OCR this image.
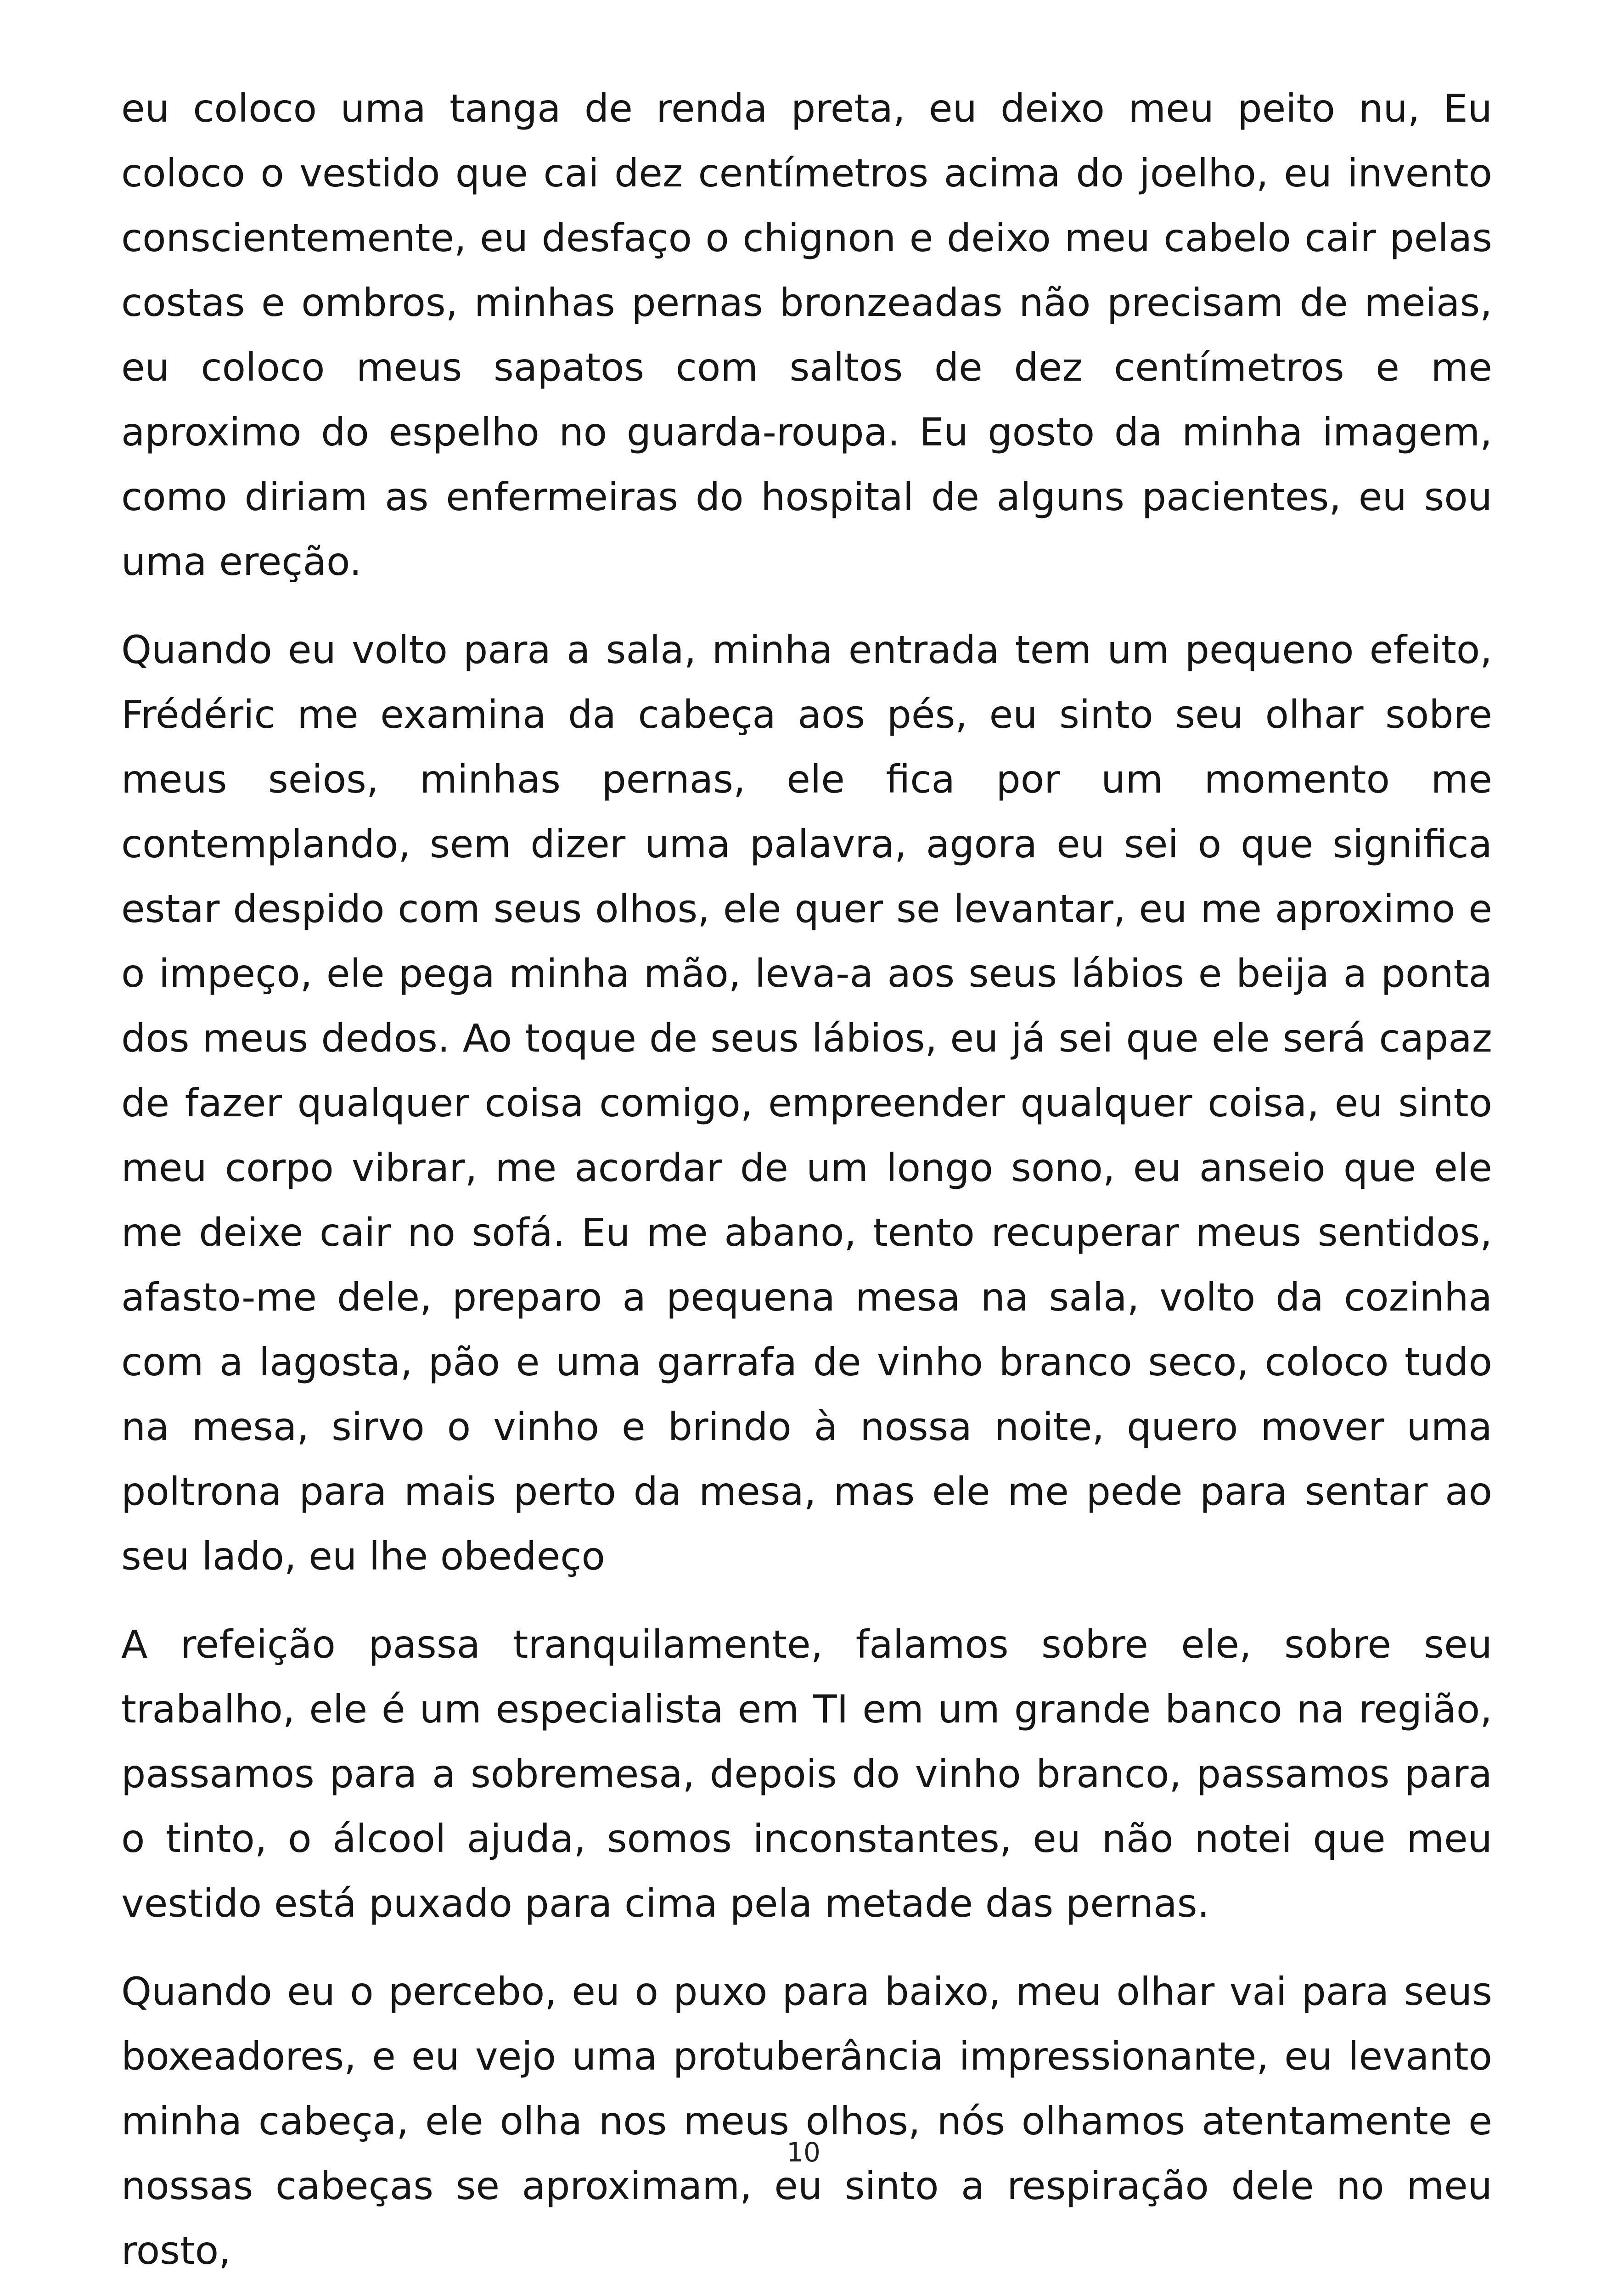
eu coloco uma tanga de renda preta, eu deixo meu peito nu, Eu coloco o vestido que cai dez centímetros acima do joelho, eu invento conscientemente, eu desfaço o chignon e deixo meu cabelo cair pelas costas e ombros, minhas pernas bronzeadas não precisam de meias, eu coloco meus sapatos com saltos de dez centímetros e me aproximo do espelho no guarda-roupa. Eu gosto da minha imagem, como diriam as enfermeiras do hospital de alguns pacientes, eu sou uma ereção.

Quando eu volto para a sala, minha entrada tem um pequeno efeito, Frédéric me examina da cabeça aos pés, eu sinto seu olhar sobre meus seios, minhas pernas, ele fica por um momento me contemplando, sem dizer uma palavra, agora eu sei o que significa estar despido com seus olhos, ele quer se levantar, eu me aproximo e o impeço, ele pega minha mão, leva-a aos seus lábios e beija a ponta dos meus dedos. Ao toque de seus lábios, eu já sei que ele será capaz de fazer qualquer coisa comigo, empreender qualquer coisa, eu sinto meu corpo vibrar, me acordar de um longo sono, eu anseio que ele me deixe cair no sofá. Eu me abano, tento recuperar meus sentidos, afasto-me dele, preparo a pequena mesa na sala, volto da cozinha com a lagosta, pão e uma garrafa de vinho branco seco, coloco tudo na mesa, sirvo o vinho e brindo à nossa noite, quero mover uma poltrona para mais perto da mesa, mas ele me pede para sentar ao seu lado, eu lhe obedeço

A refeição passa tranquilamente, falamos sobre ele, sobre seu trabalho, ele é um especialista em TI em um grande banco na região, passamos para a sobremesa, depois do vinho branco, passamos para o tinto, o álcool ajuda, somos inconstantes, eu não notei que meu vestido está puxado para cima pela metade das pernas.

Quando eu o percebo, eu o puxo para baixo, meu olhar vai para seus boxeadores, e eu vejo uma protuberância impressionante, eu levanto minha cabeça, ele olha nos meus olhos, nós olhamos atentamente e nossas cabeças se aproximam, eu sinto a respiração dele no meu rosto,

10
